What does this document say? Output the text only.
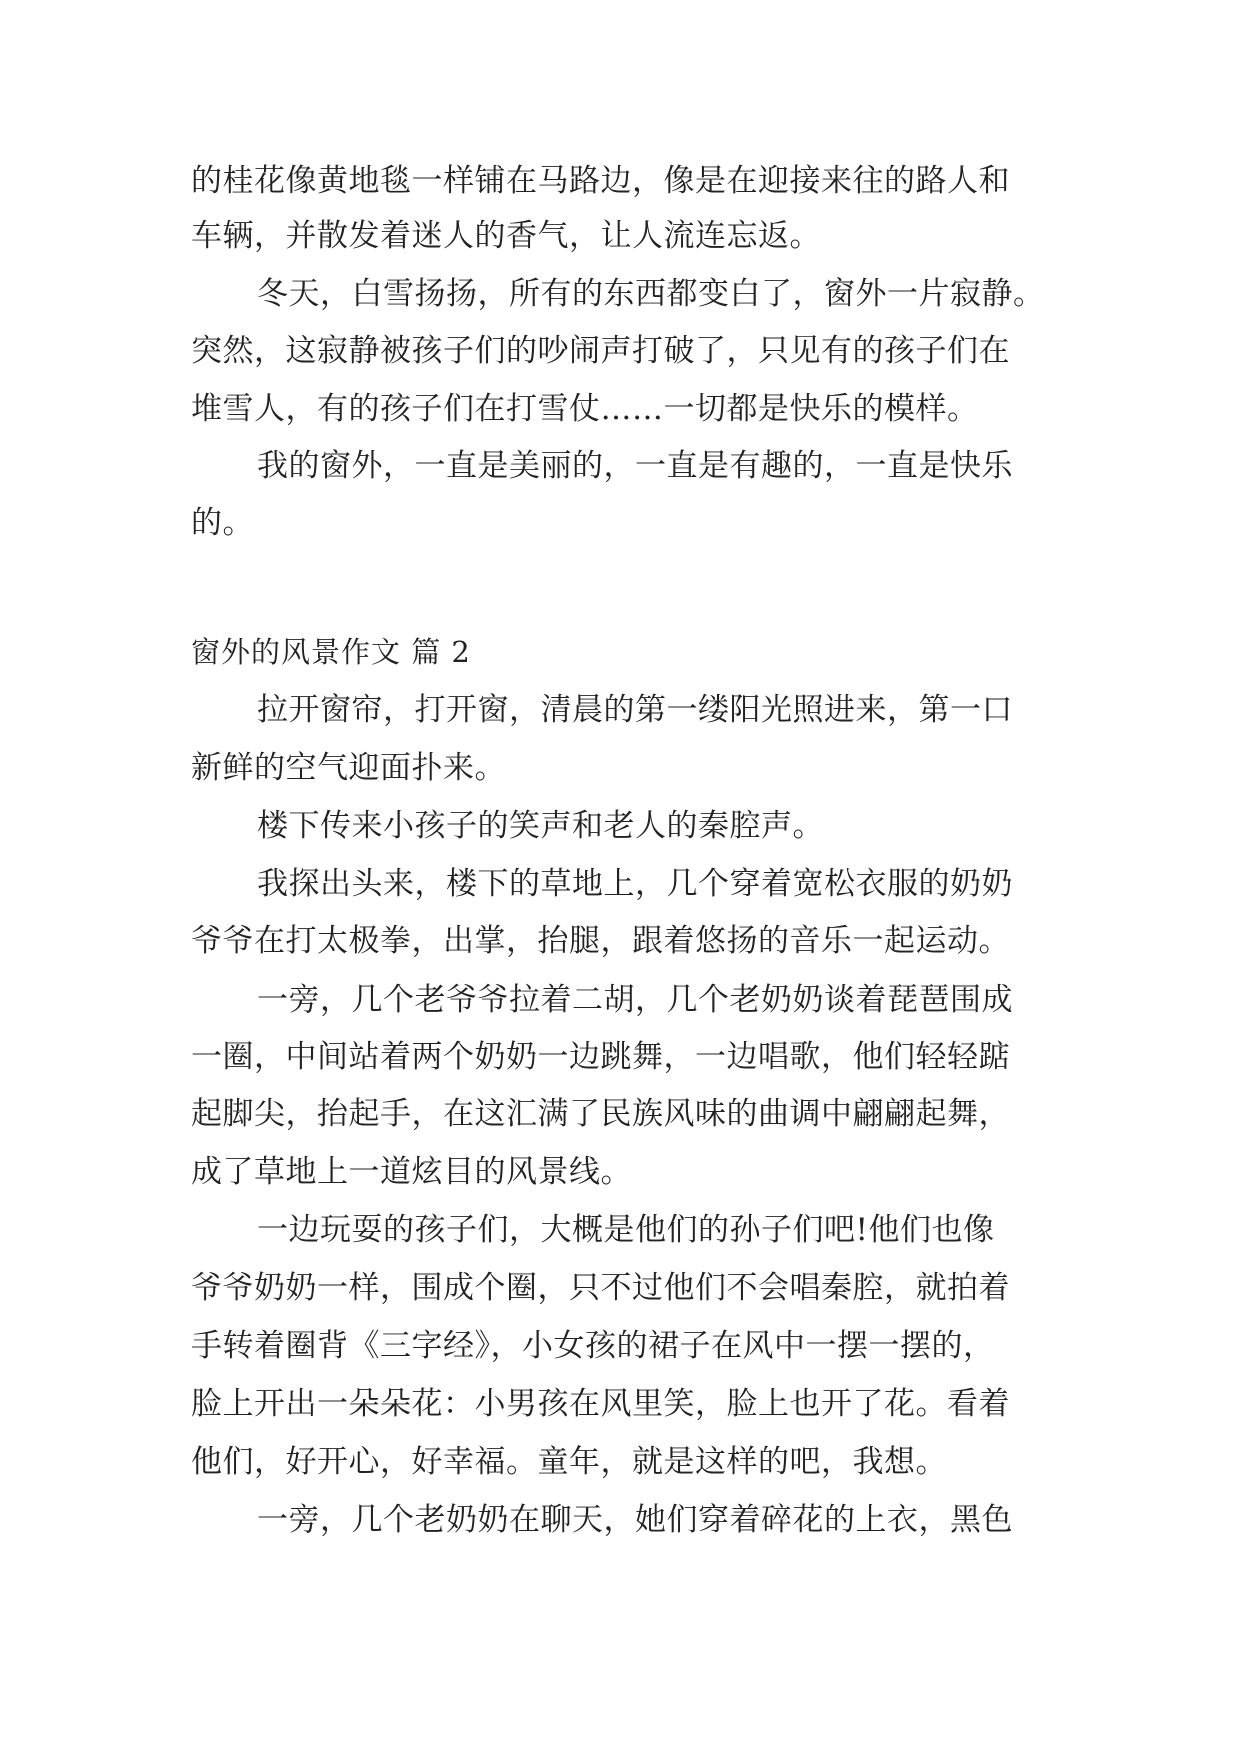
的桂花像黄地毯一样铺在马路边，像是在迎接来往的路人和
车辆，并散发着迷人的香气，让人流连忘返。
冬天，白雪扬扬，所有的东西都变白了，窗外一片寂静。
突然，这寂静被孩子们的吵闹声打破了，只见有的孩子们在
堆雪人，有的孩子们在打雪仗……一切都是快乐的模样。
我的窗外，一直是美丽的，一直是有趣的，一直是快乐
的。
窗外的风景作文 篇 2
拉开窗帘，打开窗，清晨的第一缕阳光照进来，第一口
新鲜的空气迎面扑来。
楼下传来小孩子的笑声和老人的秦腔声。
我探出头来，楼下的草地上，几个穿着宽松衣服的奶奶
爷爷在打太极拳，出掌，抬腿，跟着悠扬的音乐一起运动。
一旁，几个老爷爷拉着二胡，几个老奶奶谈着琵琶围成
一圈，中间站着两个奶奶一边跳舞，一边唱歌，他们轻轻踮
起脚尖，抬起手，在这汇满了民族风味的曲调中翩翩起舞，
成了草地上一道炫目的风景线。
一边玩耍的孩子们，大概是他们的孙子们吧!他们也像
爷爷奶奶一样，围成个圈，只不过他们不会唱秦腔，就拍着
手转着圈背《三字经》，小女孩的裙子在风中一摆一摆的，
脸上开出一朵朵花：小男孩在风里笑，脸上也开了花。看着
他们，好开心，好幸福。童年，就是这样的吧，我想。
一旁，几个老奶奶在聊天，她们穿着碎花的上衣，黑色
